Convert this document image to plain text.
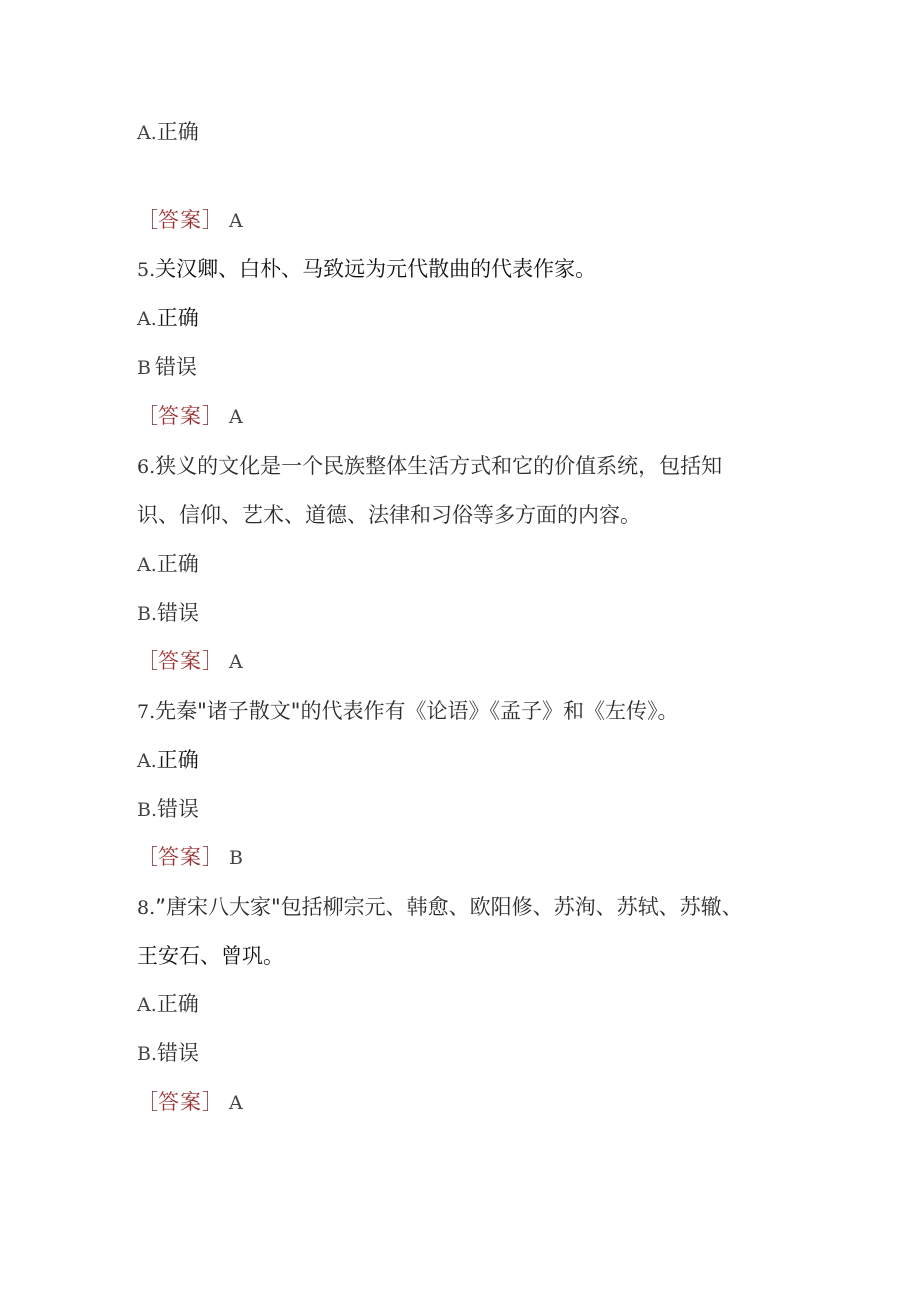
A.正确
［答案］ A
5.关汉卿、白朴、马致远为元代散曲的代表作家。
A.正确
B 错误
［答案］ A
6.狭义的文化是一个民族整体生活方式和它的价值系统，包括知
识、信仰、艺术、道德、法律和习俗等多方面的内容。
A.正确
B.错误
［答案］ A
7.先秦"诸子散文"的代表作有《论语》《孟子》和《左传》。
A.正确
B.错误
［答案］ B
8.”唐宋八大家"包括柳宗元、韩愈、欧阳修、苏洵、苏轼、苏辙、
王安石、曾巩。
A.正确
B.错误
［答案］ A
